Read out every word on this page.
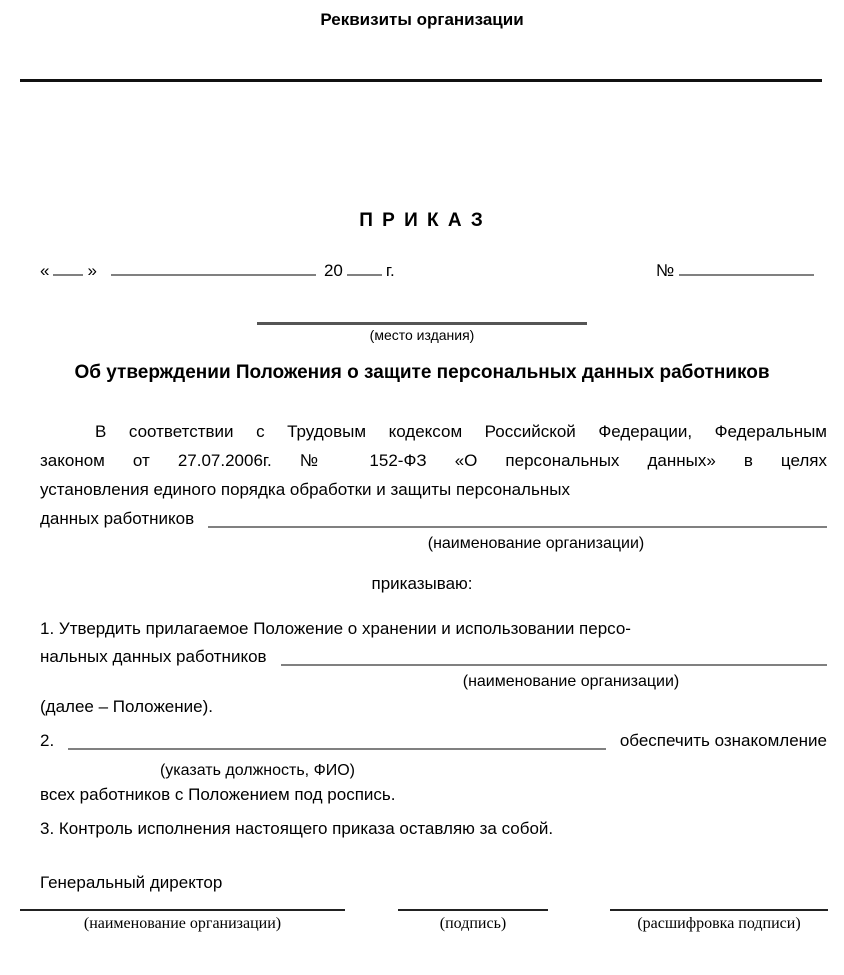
Реквизиты организации
П Р И К А З
« »	20	г.	№
(место издания)
Об утверждении Положения о защите персональных данных работников
В соответствии с Трудовым кодексом Российской Федерации, Федеральным
законом от 27.07.2006г. № 152-ФЗ «О персональных данных» в целях
установления единого порядка обработки и защиты персональных
данных работников
(наименование организации)
приказываю:
1. Утвердить прилагаемое Положение о хранении и использовании персо-
нальных данных работников
(наименование организации)
(далее – Положение).
2.	обеспечить ознакомление
(указать должность, ФИО)
всех работников с Положением под роспись.
3. Контроль исполнения настоящего приказа оставляю за собой.
Генеральный директор
(наименование организации)	(подпись)	(расшифровка подписи)
